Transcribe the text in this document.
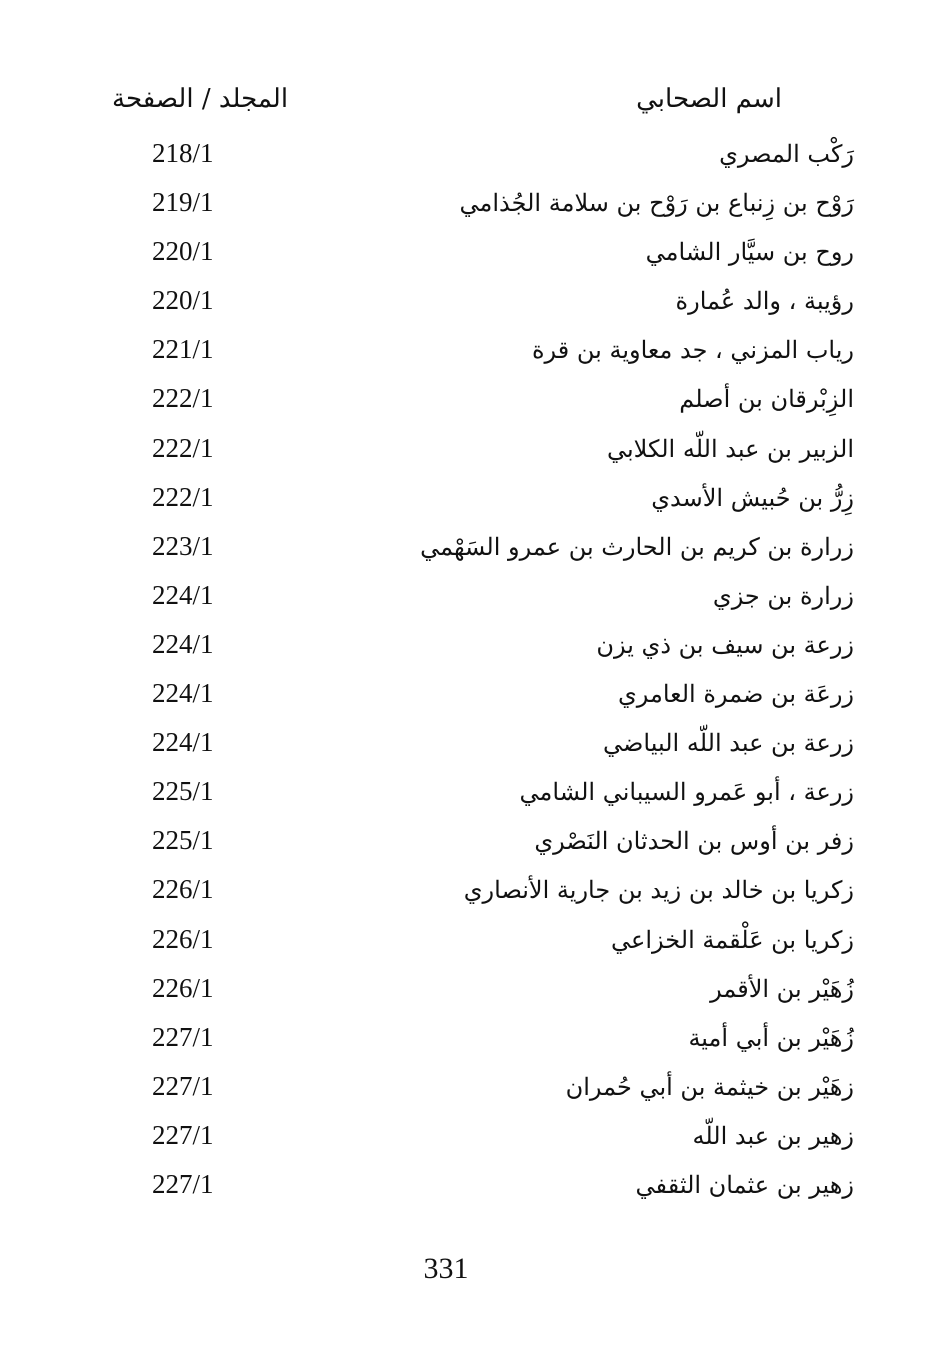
اسم الصحابي
المجلد / الصفحة
رَكْب المصري
218/1
رَوْح بن زِنباع بن رَوْح بن سلامة الجُذامي
219/1
روح بن سيَّار الشامي
220/1
رؤيبة ، والد عُمارة
220/1
رياب المزني ، جد معاوية بن قرة
221/1
الزِبْرقان بن أصلم
222/1
الزبير بن عبد اللّه الكلابي
222/1
زِرُّ بن حُبيش الأسدي
222/1
زرارة بن كريم بن الحارث بن عمرو السَهْمي
223/1
زرارة بن جزي
224/1
زرعة بن سيف بن ذي يزن
224/1
زرعَة بن ضمرة العامري
224/1
زرعة بن عبد اللّه البياضي
224/1
زرعة ، أبو عَمرو السيباني الشامي
225/1
زفر بن أوس بن الحدثان النَصْري
225/1
زكريا بن خالد بن زيد بن جارية الأنصاري
226/1
زكريا بن عَلْقمة الخزاعي
226/1
زُهَيْر بن الأقمر
226/1
زُهَيْر بن أبي أمية
227/1
زهَيْر بن خيثمة بن أبي حُمران
227/1
زهير بن عبد اللّه
227/1
زهير بن عثمان الثقفي
227/1
331
